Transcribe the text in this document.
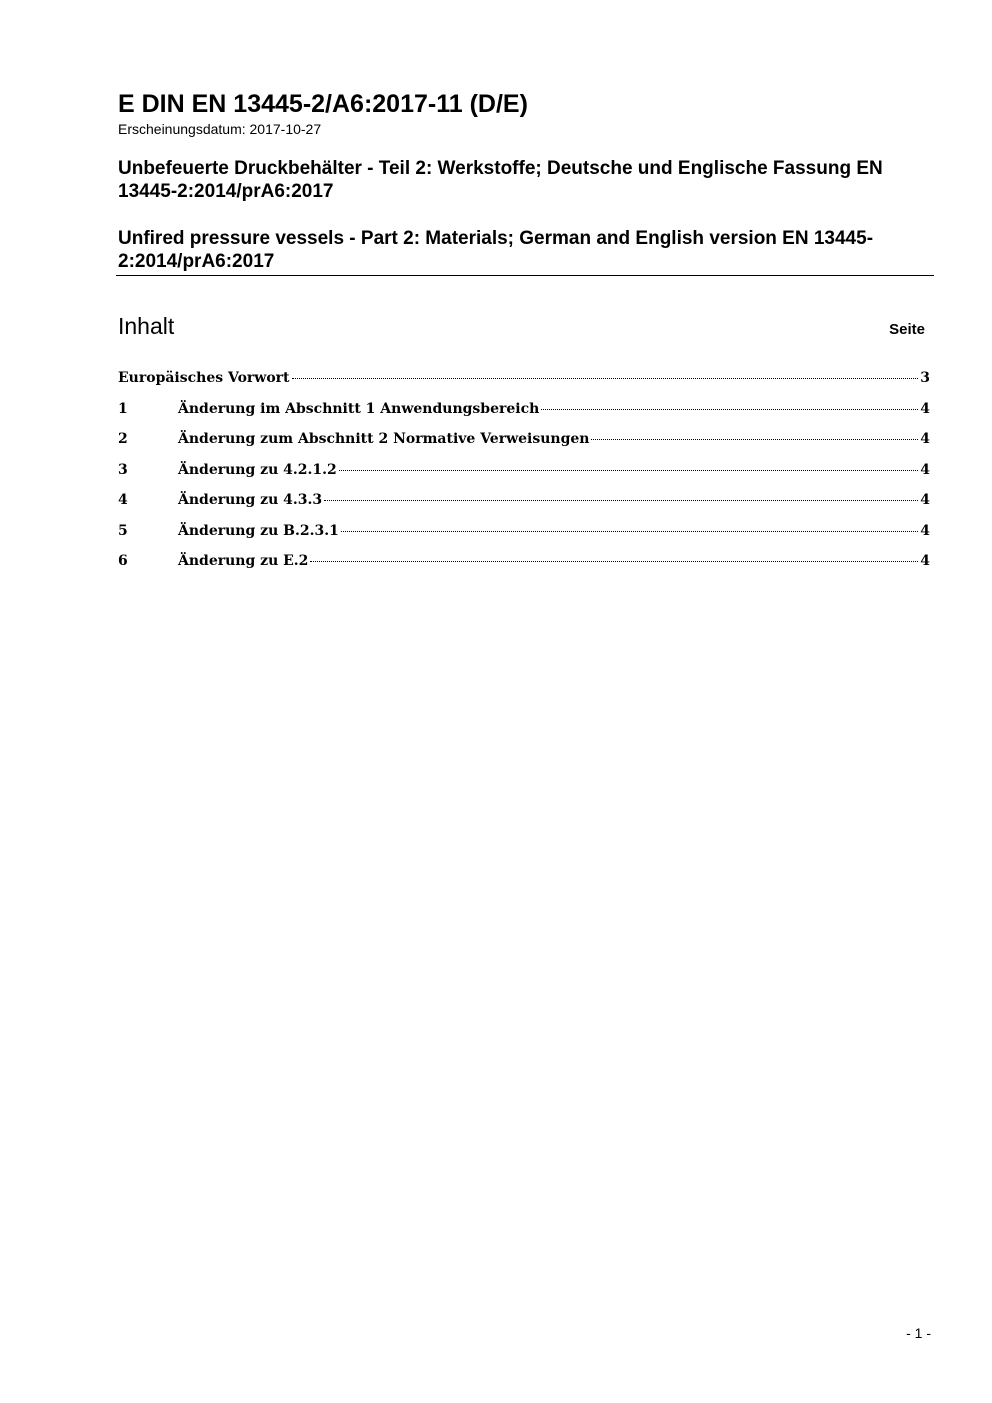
E DIN EN 13445-2/A6:2017-11 (D/E)
Erscheinungsdatum: 2017-10-27
Unbefeuerte Druckbehälter - Teil 2: Werkstoffe; Deutsche und Englische Fassung EN 13445-2:2014/prA6:2017
Unfired pressure vessels - Part 2: Materials; German and English version EN 13445-2:2014/prA6:2017
Inhalt	Seite
Europäisches Vorwort	3
1	Änderung im Abschnitt 1 Anwendungsbereich	4
2	Änderung zum Abschnitt 2 Normative Verweisungen	4
3	Änderung zu 4.2.1.2	4
4	Änderung zu 4.3.3	4
5	Änderung zu B.2.3.1	4
6	Änderung zu E.2	4
- 1 -
